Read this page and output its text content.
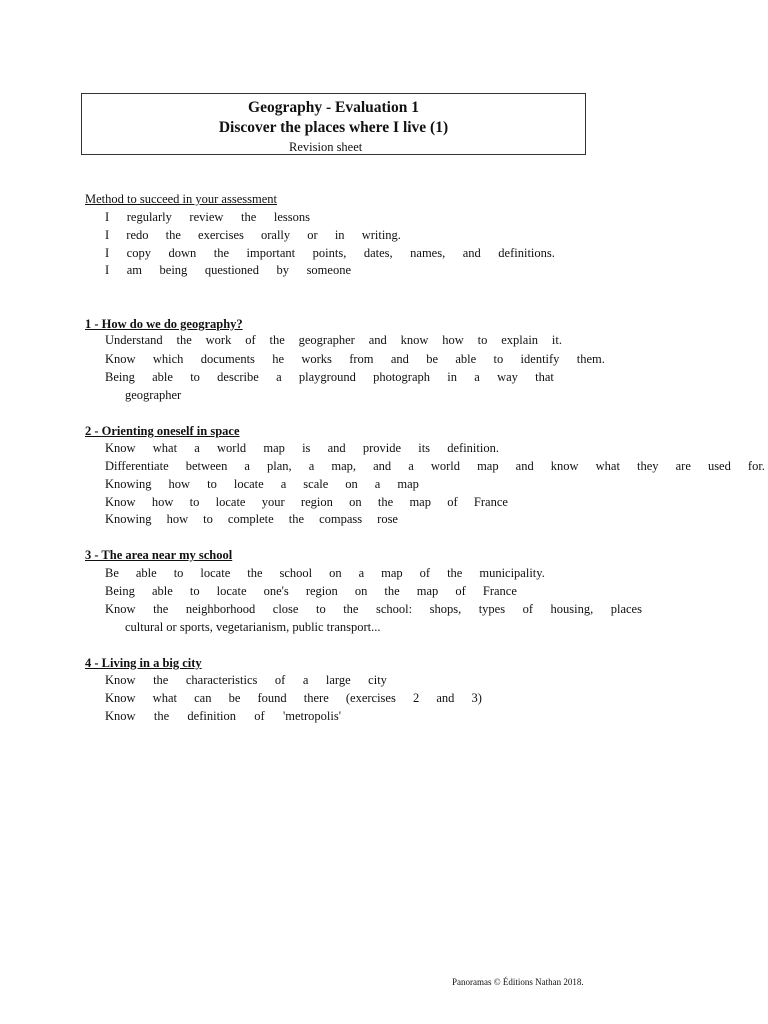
Geography - Evaluation 1
Discover the places where I live (1)
Revision sheet
Method to succeed in your assessment
I regularly review the lessons
I redo the exercises orally or in writing.
I copy down the important points, dates, names, and definitions.
I am being questioned by someone
1 - How do we do geography?
Understand the work of the geographer and know how to explain it.
Know which documents he works from and be able to identify them.
Being able to describe a playground photograph in a way that
geographer
2 - Orienting oneself in space
Know what a world map is and provide its definition.
Differentiate between a plan, a map, and a world map and know what they are used for.
Knowing how to locate a scale on a map
Know how to locate your region on the map of France
Knowing how to complete the compass rose
3 - The area near my school
Be able to locate the school on a map of the municipality.
Being able to locate one's region on the map of France
Know the neighborhood close to the school: shops, types of housing, places
cultural or sports, vegetarianism, public transport...
4 - Living in a big city
Know the characteristics of a large city
Know what can be found there (exercises 2 and 3)
Know the definition of 'metropolis'
Panoramas © Éditions Nathan 2018.
